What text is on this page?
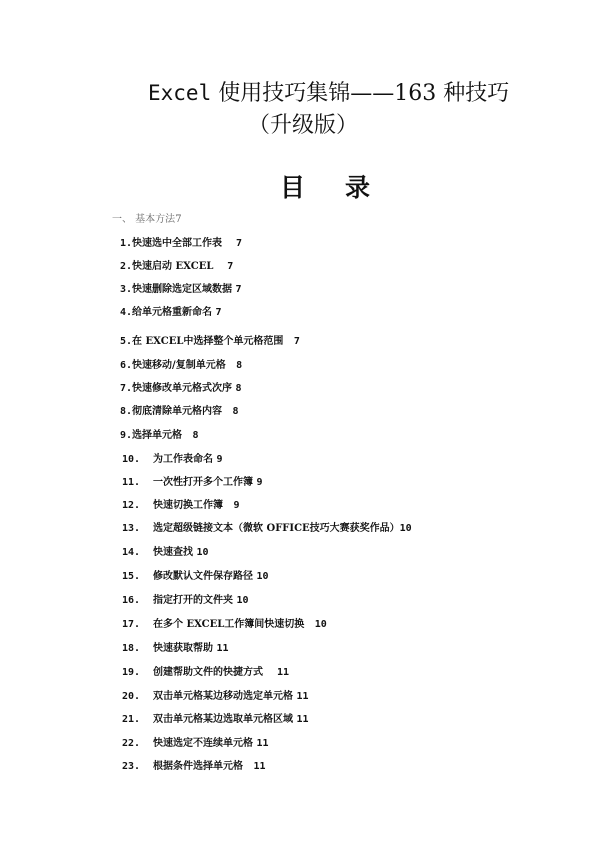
Excel 使用技巧集锦——163 种技巧
（升级版）
目 录
一、 基本方法7
1.快速选中全部工作表 7
2.快速启动 EXCEL 7
3.快速删除选定区域数据 7
4.给单元格重新命名 7
5.在 EXCEL中选择整个单元格范围 7
6.快速移动/复制单元格 8
7.快速修改单元格式次序 8
8.彻底清除单元格内容 8
9.选择单元格 8
10. 为工作表命名 9
11. 一次性打开多个工作簿 9
12. 快速切换工作簿 9
13. 选定超级链接文本（微软 OFFICE技巧大赛获奖作品）10
14. 快速查找 10
15. 修改默认文件保存路径 10
16. 指定打开的文件夹 10
17. 在多个 EXCEL工作簿间快速切换 10
18. 快速获取帮助 11
19. 创建帮助文件的快捷方式 11
20. 双击单元格某边移动选定单元格 11
21. 双击单元格某边选取单元格区域 11
22. 快速选定不连续单元格 11
23. 根据条件选择单元格 11
